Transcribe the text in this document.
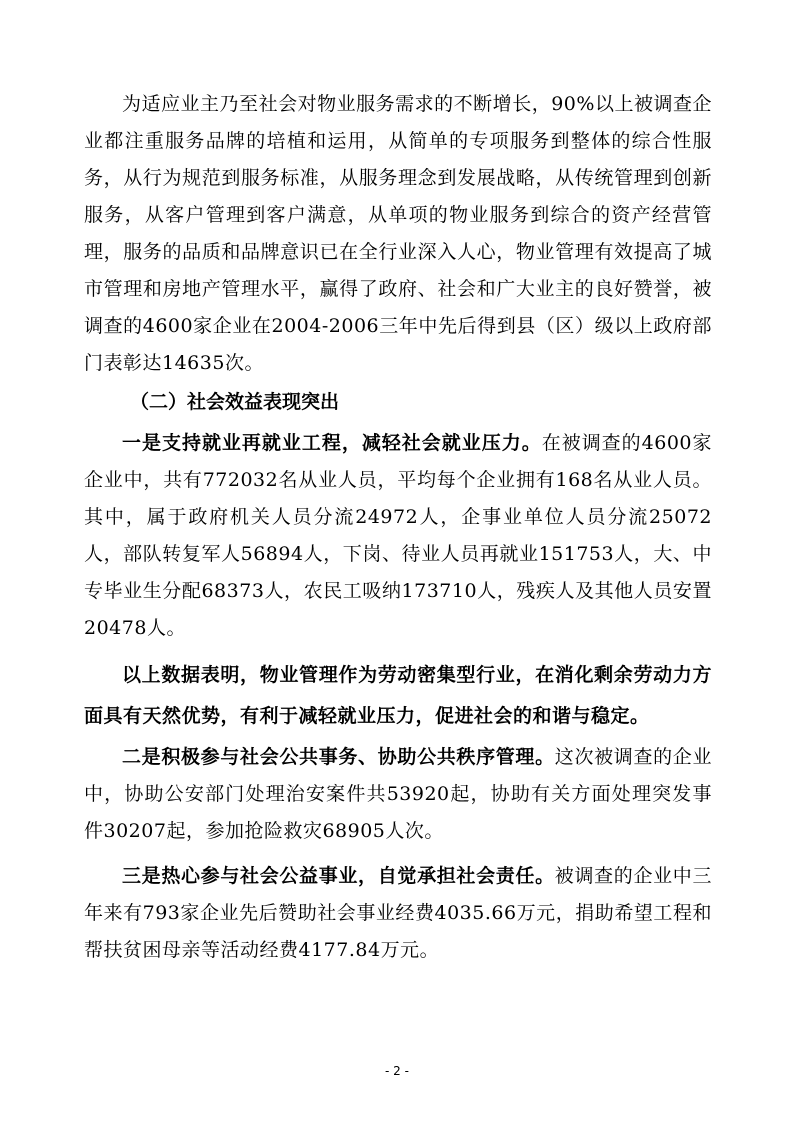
为适应业主乃至社会对物业服务需求的不断增长，90%以上被调查企业都注重服务品牌的培植和运用，从简单的专项服务到整体的综合性服务，从行为规范到服务标准，从服务理念到发展战略，从传统管理到创新服务，从客户管理到客户满意，从单项的物业服务到综合的资产经营管理，服务的品质和品牌意识已在全行业深入人心，物业管理有效提高了城市管理和房地产管理水平，赢得了政府、社会和广大业主的良好赞誉，被调查的4600家企业在2004-2006三年中先后得到县（区）级以上政府部门表彰达14635次。

（二）社会效益表现突出

一是支持就业再就业工程，减轻社会就业压力。在被调查的4600家企业中，共有772032名从业人员，平均每个企业拥有168名从业人员。其中，属于政府机关人员分流24972人，企事业单位人员分流25072人，部队转复军人56894人，下岗、待业人员再就业151753人，大、中专毕业生分配68373人，农民工吸纳173710人，残疾人及其他人员安置20478人。

以上数据表明，物业管理作为劳动密集型行业，在消化剩余劳动力方面具有天然优势，有利于减轻就业压力，促进社会的和谐与稳定。

二是积极参与社会公共事务、协助公共秩序管理。这次被调查的企业中，协助公安部门处理治安案件共53920起，协助有关方面处理突发事件30207起，参加抢险救灾68905人次。

三是热心参与社会公益事业，自觉承担社会责任。被调查的企业中三年来有793家企业先后赞助社会事业经费4035.66万元，捐助希望工程和帮扶贫困母亲等活动经费4177.84万元。

- 2 -
